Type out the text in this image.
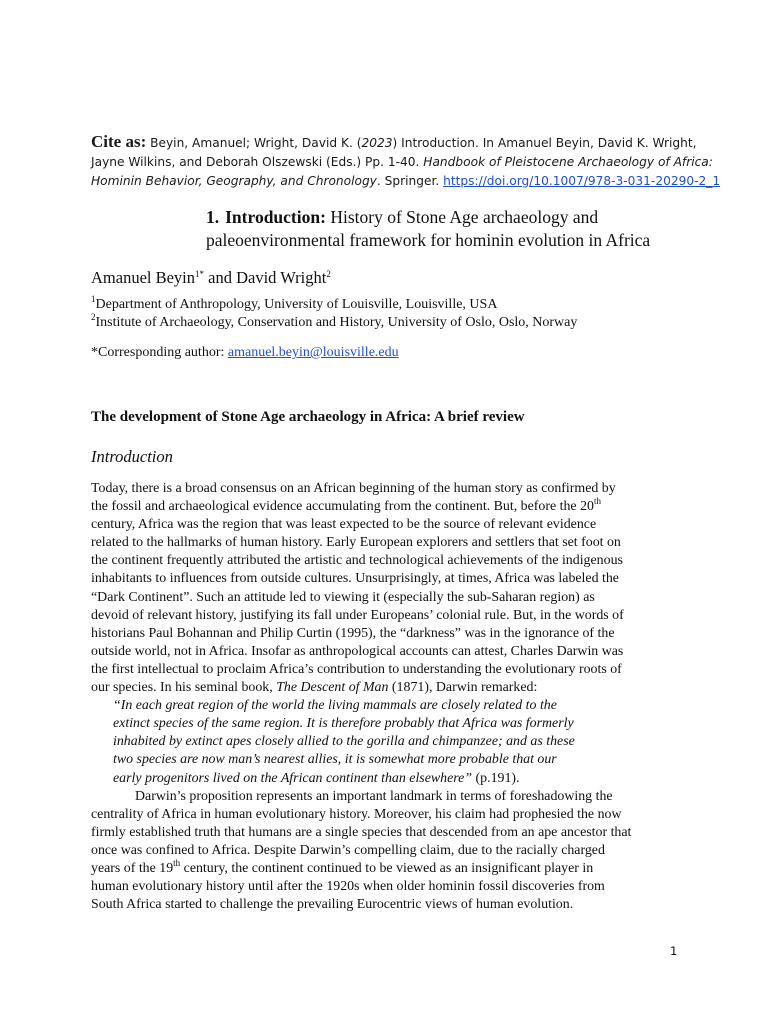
Cite as: Beyin, Amanuel; Wright, David K. (2023) Introduction. In Amanuel Beyin, David K. Wright,
Jayne Wilkins, and Deborah Olszewski (Eds.) Pp. 1-40. Handbook of Pleistocene Archaeology of Africa:
Hominin Behavior, Geography, and Chronology. Springer. https://doi.org/10.1007/978-3-031-20290-2_1
1. Introduction: History of Stone Age archaeology and
paleoenvironmental framework for hominin evolution in Africa
Amanuel Beyin$^{1*}$ and David Wright$^2$
$^1$Department of Anthropology, University of Louisville, Louisville, USA
$^2$Institute of Archaeology, Conservation and History, University of Oslo, Oslo, Norway
*Corresponding author: amanuel.beyin@louisville.edu
The development of Stone Age archaeology in Africa: A brief review
Introduction
Today, there is a broad consensus on an African beginning of the human story as confirmed by
the fossil and archaeological evidence accumulating from the continent. But, before the 20th
century, Africa was the region that was least expected to be the source of relevant evidence
related to the hallmarks of human history. Early European explorers and settlers that set foot on
the continent frequently attributed the artistic and technological achievements of the indigenous
inhabitants to influences from outside cultures. Unsurprisingly, at times, Africa was labeled the
“Dark Continent”. Such an attitude led to viewing it (especially the sub-Saharan region) as
devoid of relevant history, justifying its fall under Europeans’ colonial rule. But, in the words of
historians Paul Bohannan and Philip Curtin (1995), the “darkness” was in the ignorance of the
outside world, not in Africa. Insofar as anthropological accounts can attest, Charles Darwin was
the first intellectual to proclaim Africa’s contribution to understanding the evolutionary roots of
our species. In his seminal book, The Descent of Man (1871), Darwin remarked:
“In each great region of the world the living mammals are closely related to the
extinct species of the same region. It is therefore probably that Africa was formerly
inhabited by extinct apes closely allied to the gorilla and chimpanzee; and as these
two species are now man’s nearest allies, it is somewhat more probable that our
early progenitors lived on the African continent than elsewhere” (p.191).
Darwin’s proposition represents an important landmark in terms of foreshadowing the
centrality of Africa in human evolutionary history. Moreover, his claim had prophesied the now
firmly established truth that humans are a single species that descended from an ape ancestor that
once was confined to Africa. Despite Darwin’s compelling claim, due to the racially charged
years of the 19th century, the continent continued to be viewed as an insignificant player in
human evolutionary history until after the 1920s when older hominin fossil discoveries from
South Africa started to challenge the prevailing Eurocentric views of human evolution.
1
